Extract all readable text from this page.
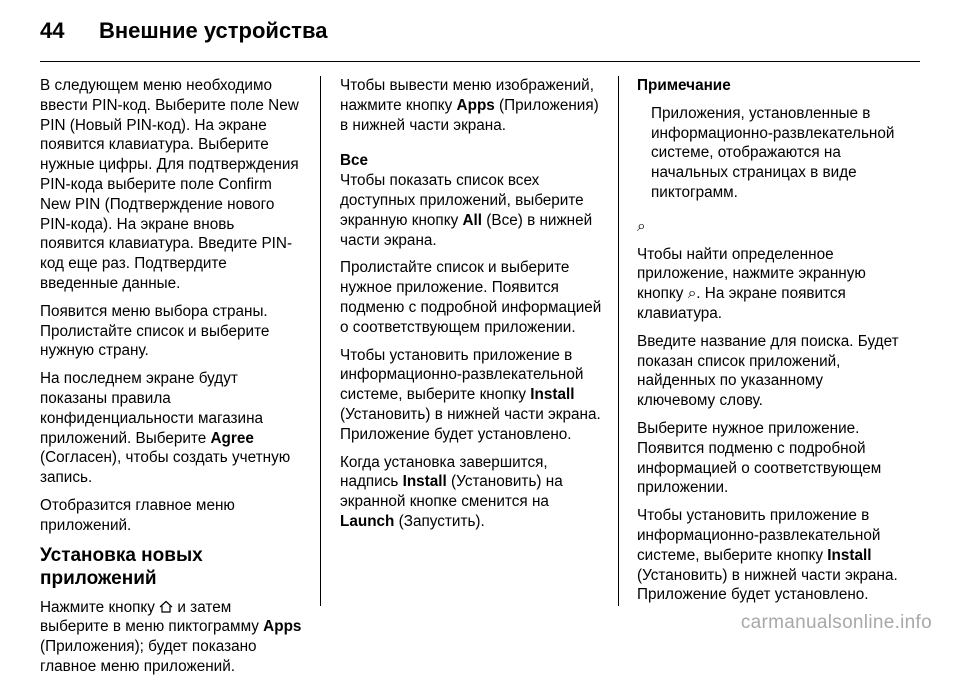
44 Внешние устройства

В следующем меню необходимо ввести PIN-код. Выберите поле New PIN (Новый PIN-код). На экране появится клавиатура. Выберите нужные цифры. Для подтверждения PIN-кода выберите поле Confirm New PIN (Подтверждение нового PIN-кода). На экране вновь появится клавиатура. Введите PIN-код еще раз. Подтвердите введенные данные.

Появится меню выбора страны. Пролистайте список и выберите нужную страну.

На последнем экране будут показаны правила конфиденциальности магазина приложений. Выберите Agree (Согласен), чтобы создать учетную запись.

Отобразится главное меню приложений.

Установка новых приложений

Нажмите кнопку  и затем выберите в меню пиктограмму Apps (Приложения); будет показано главное меню приложений.

Чтобы вывести меню изображений, нажмите кнопку Apps (Приложения) в нижней части экрана.

Все

Чтобы показать список всех доступных приложений, выберите экранную кнопку All (Все) в нижней части экрана.

Пролистайте список и выберите нужное приложение. Появится подменю с подробной информацией о соответствующем приложении.

Чтобы установить приложение в информационно-развлекательной системе, выберите кнопку Install (Установить) в нижней части экрана. Приложение будет установлено.

Когда установка завершится, надпись Install (Установить) на экранной кнопке сменится на Launch (Запустить).

Примечание

Приложения, установленные в информационно-развлекательной системе, отображаются на начальных страницах в виде пиктограмм.

⌕

Чтобы найти определенное приложение, нажмите экранную кнопку ⌕. На экране появится клавиатура.

Введите название для поиска. Будет показан список приложений, найденных по указанному ключевому слову.

Выберите нужное приложение. Появится подменю с подробной информацией о соответствующем приложении.

Чтобы установить приложение в информационно-развлекательной системе, выберите кнопку Install (Установить) в нижней части экрана. Приложение будет установлено.

carmanualsonline.info
